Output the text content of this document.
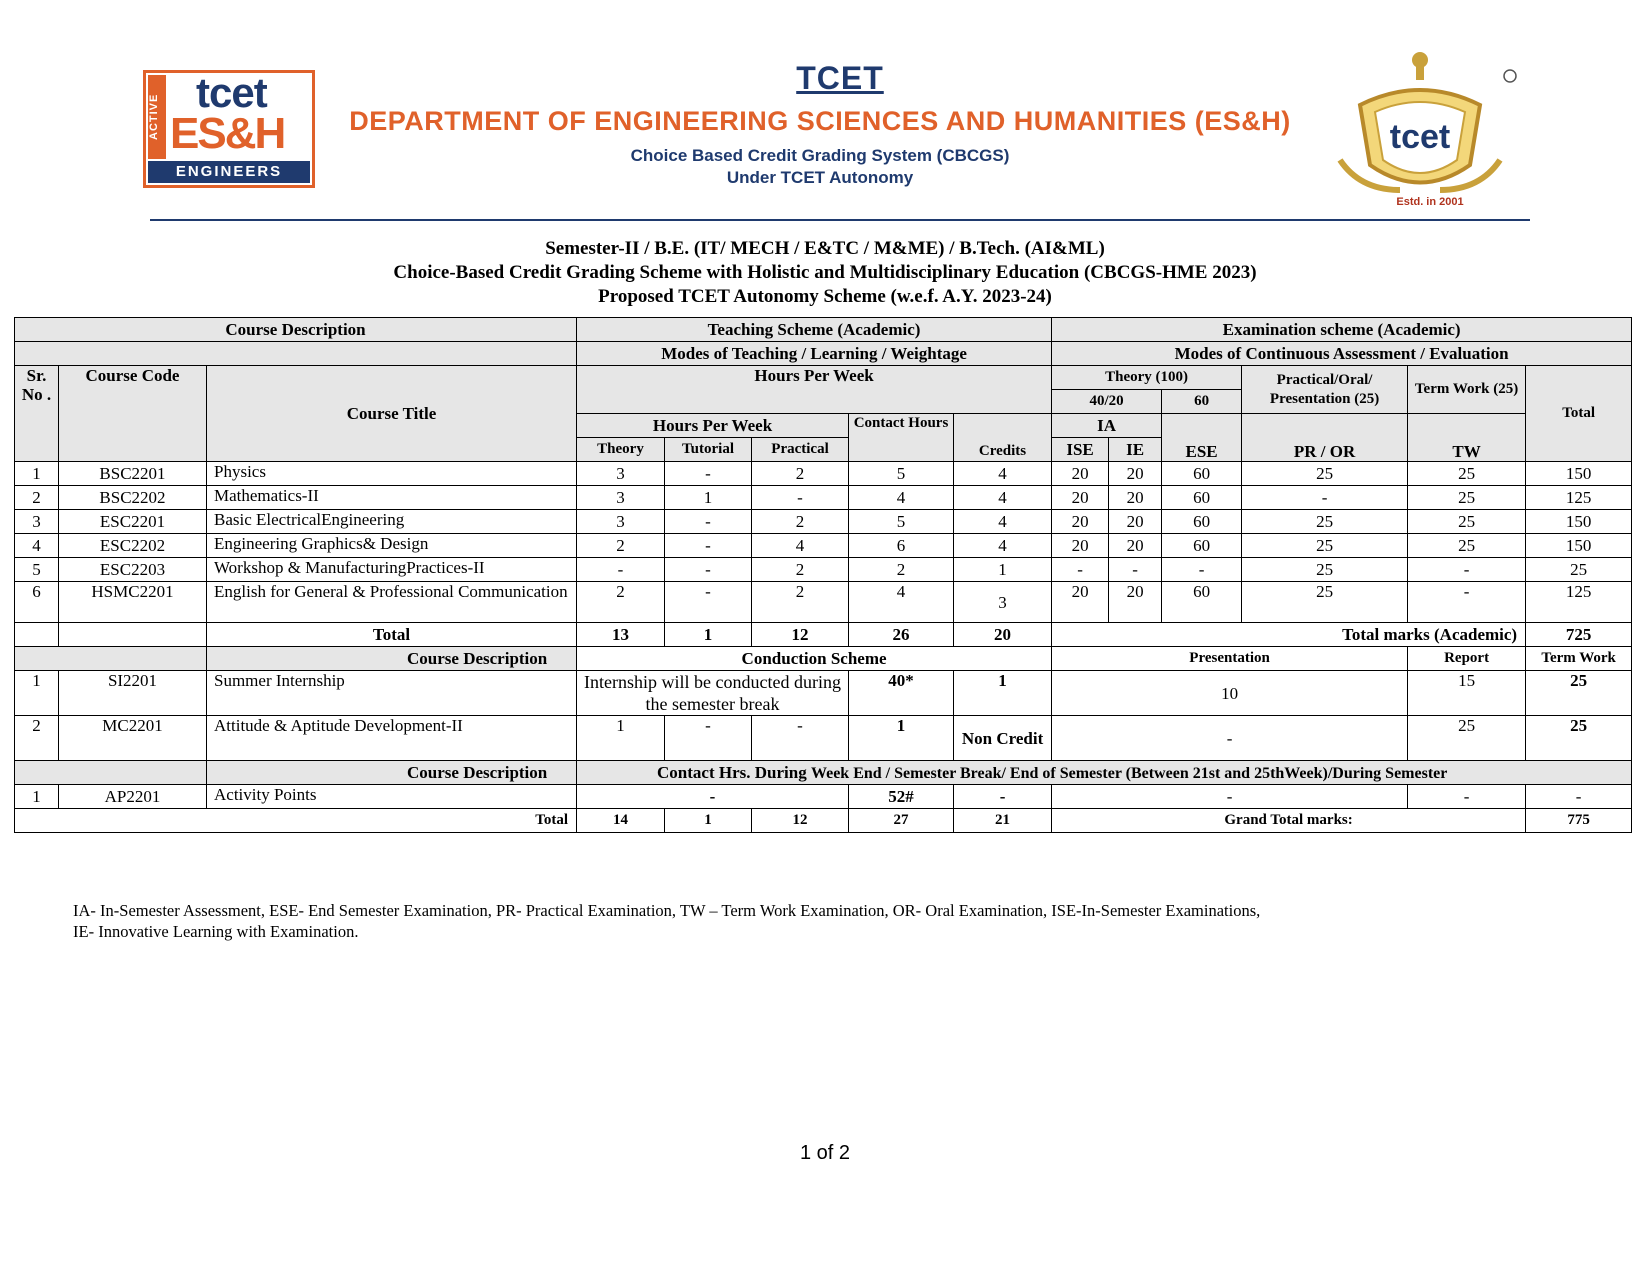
ACTIVE
tcet
ES&H
ENGINEERS
TCET
DEPARTMENT OF ENGINEERING SCIENCES AND HUMANITIES (ES&H)
Choice Based Credit Grading System (CBCGS)
Under TCET Autonomy
tcet
Estd. in 2001
Semester-II / B.E. (IT/ MECH / E&TC / M&ME) / B.Tech. (AI&ML)
Choice-Based Credit Grading Scheme with Holistic and Multidisciplinary Education (CBCGS-HME 2023)
Proposed TCET Autonomy Scheme (w.e.f. A.Y. 2023-24)
Course Description			Teaching Scheme (Academic)					Examination scheme (Academic)					
			Modes of Teaching / Learning / Weightage					Modes of Continuous Assessment / Evaluation					
Sr. No .	Course Code	Course Title	Hours Per Week					Theory (100)			Practical/Oral/ Presentation (25)	Term Work (25)	Total
								40/20		60			
			Hours Per Week			Contact Hours	Credits	IA		ESE	PR / OR	TW	
			Theory	Tutorial	Practical			ISE	IE				
1	BSC2201	Physics	3	-	2	5	4	20	20	60	25	25	150
2	BSC2202	Mathematics-II	3	1	-	4	4	20	20	60	-	25	125
3	ESC2201	Basic ElectricalEngineering	3	-	2	5	4	20	20	60	25	25	150
4	ESC2202	Engineering Graphics& Design	2	-	4	6	4	20	20	60	25	25	150
5	ESC2203	Workshop & ManufacturingPractices-II	-	-	2	2	1	-	-	-	25	-	25
6	HSMC2201	English for General & Professional Communication	2	-	2	4	3	20	20	60	25	-	125
		Total	13	1	12	26	20	Total marks (Academic)					725
		Course Description	Conduction Scheme					Presentation				Report	Term Work
1	SI2201	Summer Internship	Internship will be conducted during the semester break			40*	1	10				15	25
2	MC2201	Attitude & Aptitude Development-II	1	-	-	1	Non Credit	-				25	25
		Course Description	Contact Hrs. During Week End / Semester Break/ End of Semester (Between 21st and 25thWeek)/During Semester										
1	AP2201	Activity Points	-			52#	-	-				-	-
Total			14	1	12	27	21	Grand Total marks:					775
IA- In-Semester Assessment, ESE- End Semester Examination, PR- Practical Examination, TW – Term Work Examination, OR- Oral Examination, ISE-In-Semester Examinations,
IE- Innovative Learning with Examination.
1 of 2
